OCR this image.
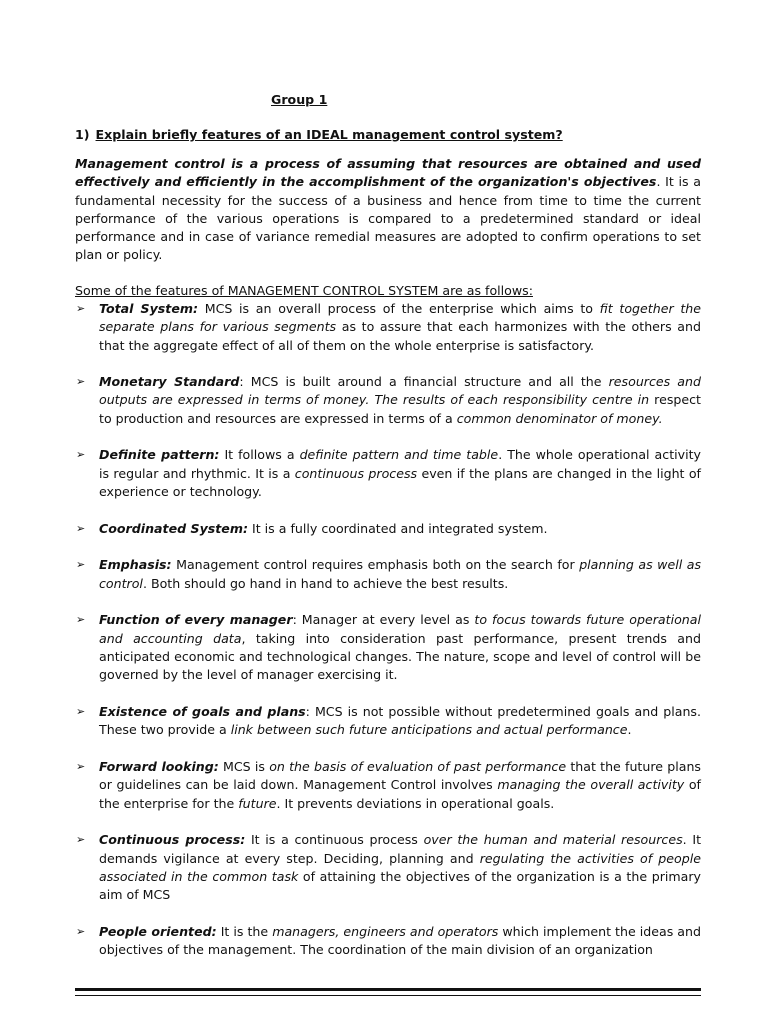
Group 1
1) Explain briefly features of an IDEAL management control system?

Management control is a process of assuming that resources are obtained and used effectively and efficiently in the accomplishment of the organization's objectives. It is a fundamental necessity for the success of a business and hence from time to time the current performance of the various operations is compared to a predetermined standard or ideal performance and in case of variance remedial measures are adopted to confirm operations to set plan or policy.

Some of the features of MANAGEMENT CONTROL SYSTEM are as follows:
➢ Total System: MCS is an overall process of the enterprise which aims to fit together the separate plans for various segments as to assure that each harmonizes with the others and that the aggregate effect of all of them on the whole enterprise is satisfactory.
➢ Monetary Standard: MCS is built around a financial structure and all the resources and outputs are expressed in terms of money. The results of each responsibility centre in respect to production and resources are expressed in terms of a common denominator of money.
➢ Definite pattern: It follows a definite pattern and time table. The whole operational activity is regular and rhythmic. It is a continuous process even if the plans are changed in the light of experience or technology.
➢ Coordinated System: It is a fully coordinated and integrated system.
➢ Emphasis: Management control requires emphasis both on the search for planning as well as control. Both should go hand in hand to achieve the best results.
➢ Function of every manager: Manager at every level as to focus towards future operational and accounting data, taking into consideration past performance, present trends and anticipated economic and technological changes. The nature, scope and level of control will be governed by the level of manager exercising it.
➢ Existence of goals and plans: MCS is not possible without predetermined goals and plans. These two provide a link between such future anticipations and actual performance.
➢ Forward looking: MCS is on the basis of evaluation of past performance that the future plans or guidelines can be laid down. Management Control involves managing the overall activity of the enterprise for the future. It prevents deviations in operational goals.
➢ Continuous process: It is a continuous process over the human and material resources. It demands vigilance at every step. Deciding, planning and regulating the activities of people associated in the common task of attaining the objectives of the organization is a the primary aim of MCS
➢ People oriented: It is the managers, engineers and operators which implement the ideas and objectives of the management. The coordination of the main division of an organization
